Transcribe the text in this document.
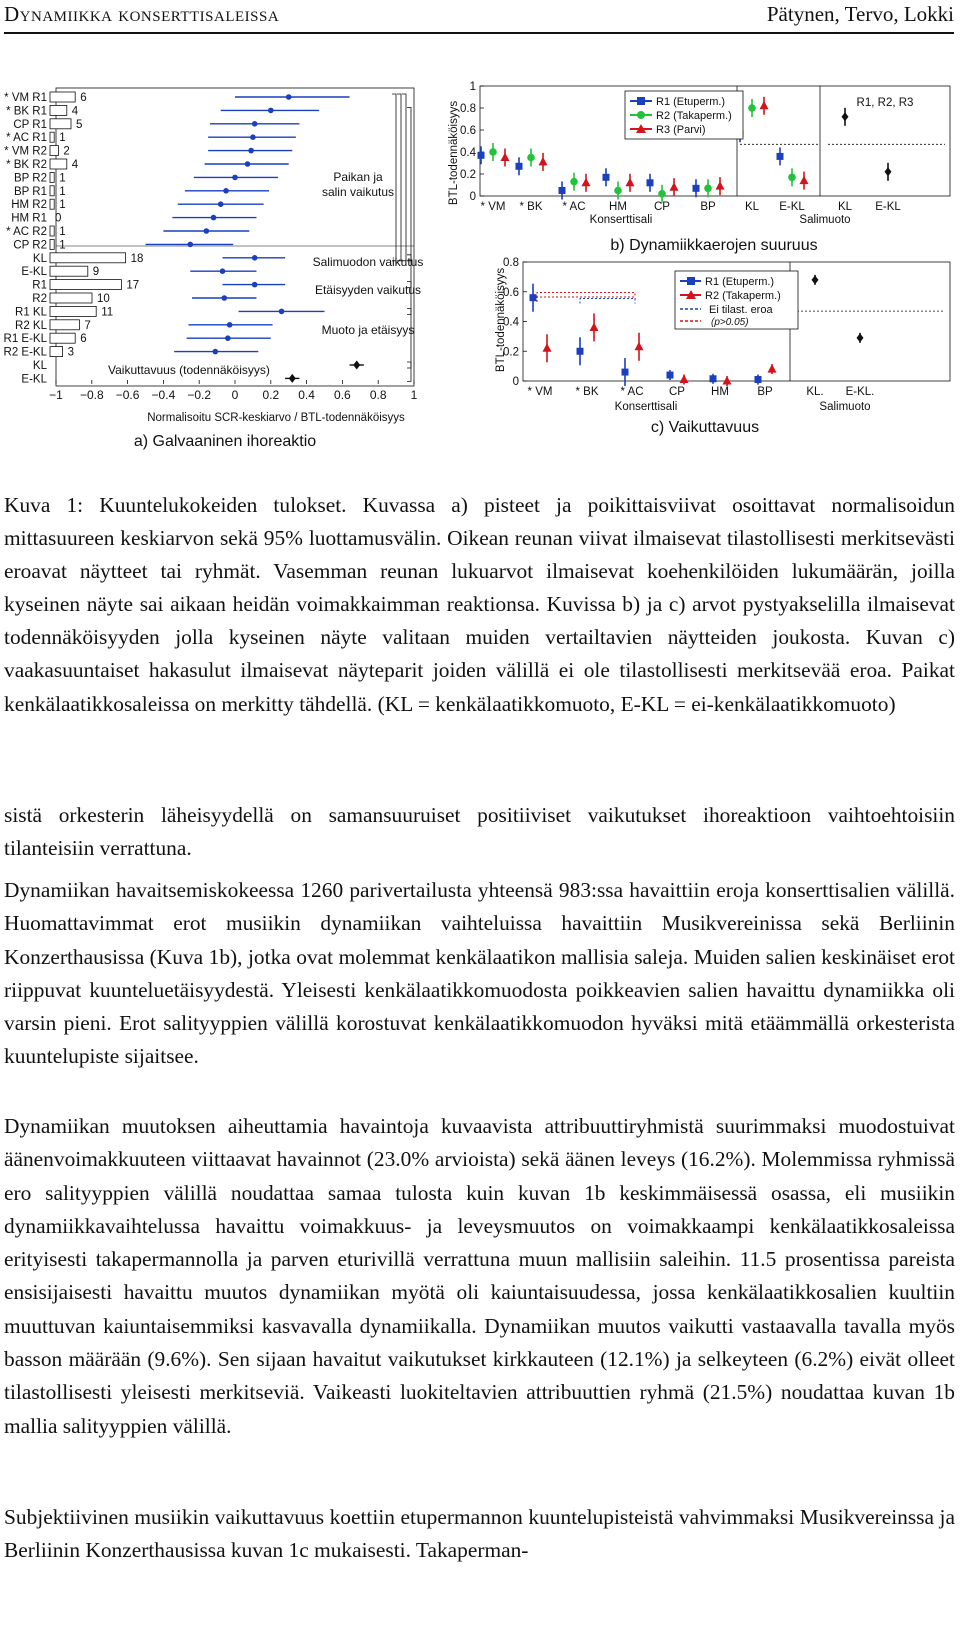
Dynamiikka konserttisaleissa	Pätynen, Tervo, Lokki
−1 −0.8 −0.6 −0.4 −0.2 0 0.2 0.4 0.6 0.8 1
* VM R1	6
* BK R1 4
CP R1	5
* AC R1 1
* VM R2 2
* BK R2 4
BP R2 1
BP R1 1
HM R2 1
HM R1 0
* AC R2 1
CP R2 1
KL	18
E-KL	9
R1	17
R2	10
R1 KL	11
R2 KL	7
R1 E-KL	6
R2 E-KL 3
KL
E-KL
Paikan ja
salin vaikutus
Salimuodon vaikutus
Etäisyyden vaikutus
Muoto ja etäisyys
Vaikuttavuus (todennäköisyys)
Normalisoitu SCR-keskiarvo / BTL-todennäköisyys
a) Galvaaninen ihoreaktio
BTL-todennäköisyys 0
0.2
0.4
0.6
0.8
1
* VM * BK * AC HM CP	BP	KL E-KL	KL E-KL
R1 (Etuperm.)
R2 (Takaperm.)
R3 (Parvi)
R1, R2, R3
Konserttisali	Salimuoto
b) Dynamiikkaerojen suuruus
BTL-todennäköisyys
0
0.2
0.4
0.6
0.8
* VM * BK * AC CP HM BP	KL. E-KL.
R1 (Etuperm.)
R2 (Takaperm.)
Ei tilast. eroa
(p>0.05)
Konserttisali	Salimuoto
c) Vaikuttavuus
Kuva 1: Kuuntelukokeiden tulokset. Kuvassa a) pisteet ja poikittaisviivat osoittavat normalisoidun mittasuureen keskiarvon sekä 95% luottamusvälin. Oikean reunan viivat ilmaisevat tilastollisesti merkitsevästi eroavat näytteet tai ryhmät. Vasemman reunan lukuarvot ilmaisevat koehenkilöiden lukumäärän, joilla kyseinen näyte sai aikaan heidän voimakkaimman reaktionsa. Kuvissa b) ja c) arvot pystyakselilla ilmaisevat todennäköisyyden jolla kyseinen näyte valitaan muiden vertailtavien näytteiden joukosta. Kuvan c) vaakasuuntaiset hakasulut ilmaisevat näyteparit joiden välillä ei ole tilastollisesti merkitsevää eroa. Paikat kenkälaatikkosaleissa on merkitty tähdellä. (KL = kenkälaatikkomuoto, E-KL = ei-kenkälaatikkomuoto)

sistä orkesterin läheisyydellä on samansuuruiset positiiviset vaikutukset ihoreaktioon vaihtoehtoisiin tilanteisiin verrattuna.

Dynamiikan havaitsemiskokeessa 1260 parivertailusta yhteensä 983:ssa havaittiin eroja konserttisalien välillä. Huomattavimmat erot musiikin dynamiikan vaihteluissa havaittiin Musikvereinissa sekä Berliinin Konzerthausissa (Kuva 1b), jotka ovat molemmat kenkälaatikon mallisia saleja. Muiden salien keskinäiset erot riippuvat kuunteluetäisyydestä. Yleisesti kenkälaatikkomuodosta poikkeavien salien havaittu dynamiikka oli varsin pieni. Erot salityyppien välillä korostuvat kenkälaatikkomuodon hyväksi mitä etäämmällä orkesterista kuuntelupiste sijaitsee.

Dynamiikan muutoksen aiheuttamia havaintoja kuvaavista attribuuttiryhmistä suurimmaksi muodostuivat äänenvoimakkuuteen viittaavat havainnot (23.0% arvioista) sekä äänen leveys (16.2%). Molemmissa ryhmissä ero salityyppien välillä noudattaa samaa tulosta kuin kuvan 1b keskimmäisessä osassa, eli musiikin dynamiikkavaihtelussa havaittu voimakkuus- ja leveysmuutos on voimakkaampi kenkälaatikkosaleissa erityisesti takapermannolla ja parven eturivillä verrattuna muun mallisiin saleihin. 11.5 prosentissa pareista ensisijaisesti havaittu muutos dynamiikan myötä oli kaiuntaisuudessa, jossa kenkälaatikkosalien kuultiin muuttuvan kaiuntaisemmiksi kasvavalla dynamiikalla. Dynamiikan muutos vaikutti vastaavalla tavalla myös basson määrään (9.6%). Sen sijaan havaitut vaikutukset kirkkauteen (12.1%) ja selkeyteen (6.2%) eivät olleet tilastollisesti yleisesti merkitseviä. Vaikeasti luokiteltavien attribuuttien ryhmä (21.5%) noudattaa kuvan 1b mallia salityyppien välillä.

Subjektiivinen musiikin vaikuttavuus koettiin etupermannon kuuntelupisteistä vahvimmaksi Musikvereinssa ja Berliinin Konzerthausissa kuvan 1c mukaisesti. Takaperman-
